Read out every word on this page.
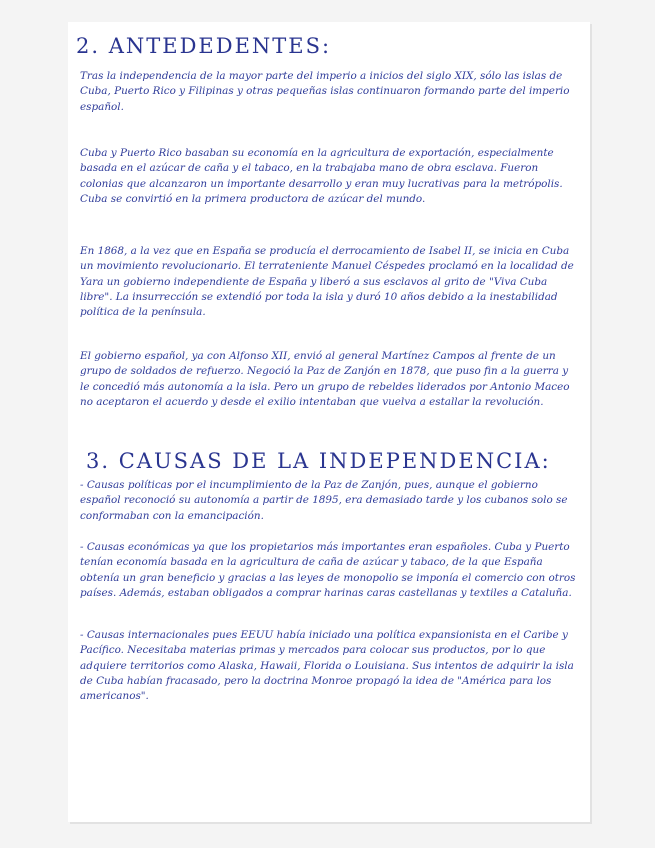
2. ANTEDEDENTES:

Tras la independencia de la mayor parte del imperio a inicios del siglo XIX, sólo las islas de Cuba, Puerto Rico y Filipinas y otras pequeñas islas continuaron formando parte del imperio español.

Cuba y Puerto Rico basaban su economía en la agricultura de exportación, especialmente basada en el azúcar de caña y el tabaco, en la trabajaba mano de obra esclava. Fueron colonias que alcanzaron un importante desarrollo y eran muy lucrativas para la metrópolis. Cuba se convirtió en la primera productora de azúcar del mundo.

En 1868, a la vez que en España se producía el derrocamiento de Isabel II, se inicia en Cuba un movimiento revolucionario. El terrateniente Manuel Céspedes proclamó en la localidad de Yara un gobierno independiente de España y liberó a sus esclavos al grito de "Viva Cuba libre". La insurrección se extendió por toda la isla y duró 10 años debido a la inestabilidad política de la península.

El gobierno español, ya con Alfonso XII, envió al general Martínez Campos al frente de un grupo de soldados de refuerzo. Negoció la Paz de Zanjón en 1878, que puso fin a la guerra y le concedió más autonomía a la isla. Pero un grupo de rebeldes liderados por Antonio Maceo no aceptaron el acuerdo y desde el exilio intentaban que vuelva a estallar la revolución.

3. CAUSAS DE LA INDEPENDENCIA:

- Causas políticas por el incumplimiento de la Paz de Zanjón, pues, aunque el gobierno español reconoció su autonomía a partir de 1895, era demasiado tarde y los cubanos solo se conformaban con la emancipación.

- Causas económicas ya que los propietarios más importantes eran españoles. Cuba y Puerto tenían economía basada en la agricultura de caña de azúcar y tabaco, de la que España obtenía un gran beneficio y gracias a las leyes de monopolio se imponía el comercio con otros países. Además, estaban obligados a comprar harinas caras castellanas y textiles a Cataluña.

- Causas internacionales pues EEUU había iniciado una política expansionista en el Caribe y Pacífico. Necesitaba materias primas y mercados para colocar sus productos, por lo que adquiere territorios como Alaska, Hawaii, Florida o Louisiana. Sus intentos de adquirir la isla de Cuba habían fracasado, pero la doctrina Monroe propagó la idea de "América para los americanos".
